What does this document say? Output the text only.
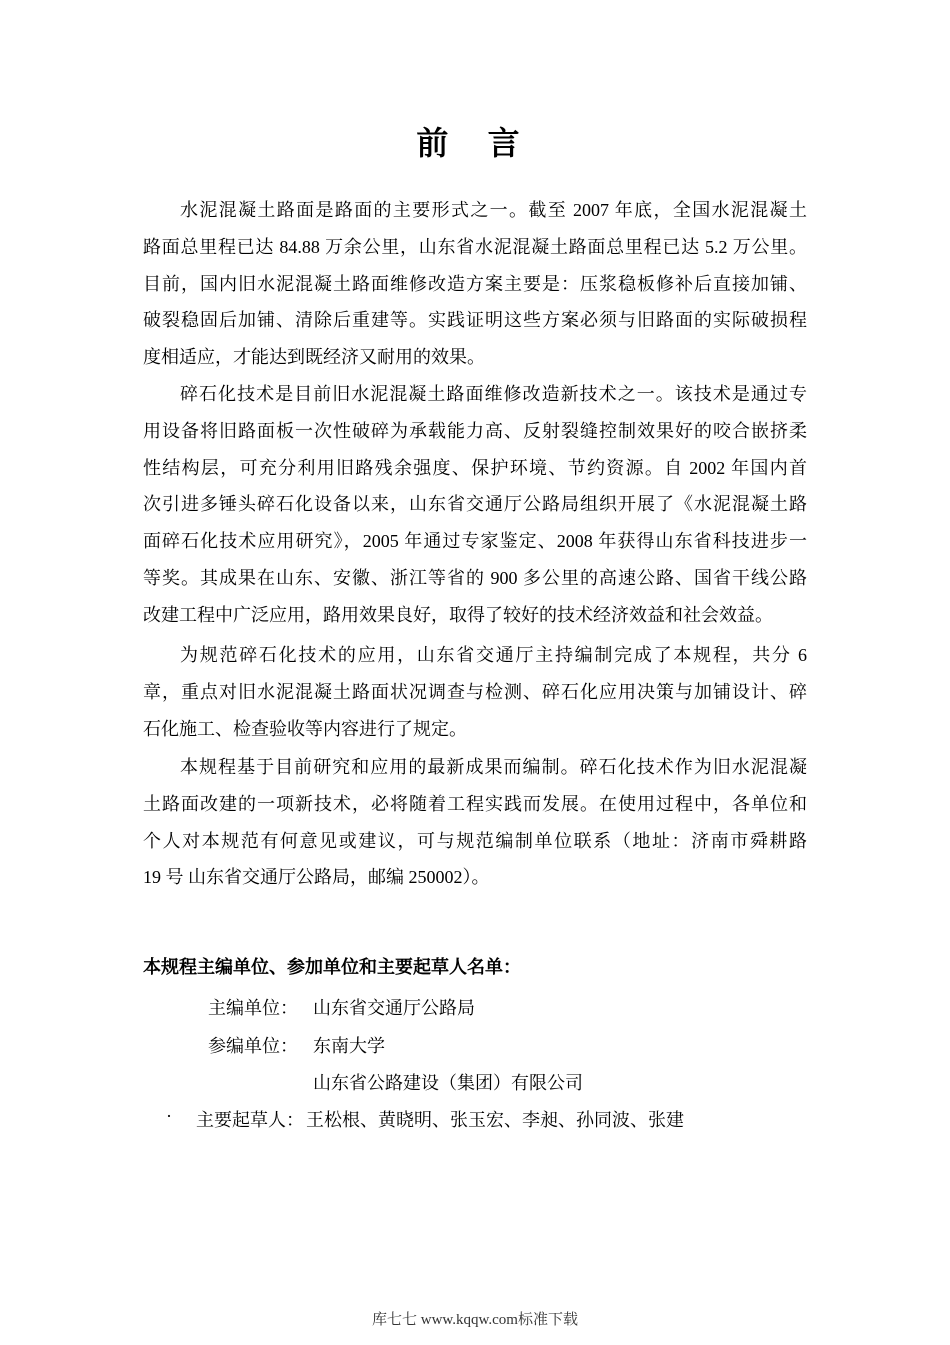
前 言
水泥混凝土路面是路面的主要形式之一。截至 2007 年底，全国水泥混凝土
路面总里程已达 84.88 万余公里，山东省水泥混凝土路面总里程已达 5.2 万公里。
目前，国内旧水泥混凝土路面维修改造方案主要是：压浆稳板修补后直接加铺、
破裂稳固后加铺、清除后重建等。实践证明这些方案必须与旧路面的实际破损程
度相适应，才能达到既经济又耐用的效果。
碎石化技术是目前旧水泥混凝土路面维修改造新技术之一。该技术是通过专
用设备将旧路面板一次性破碎为承载能力高、反射裂缝控制效果好的咬合嵌挤柔
性结构层，可充分利用旧路残余强度、保护环境、节约资源。自 2002 年国内首
次引进多锤头碎石化设备以来，山东省交通厅公路局组织开展了《水泥混凝土路
面碎石化技术应用研究》，2005 年通过专家鉴定、2008 年获得山东省科技进步一
等奖。其成果在山东、安徽、浙江等省的 900 多公里的高速公路、国省干线公路
改建工程中广泛应用，路用效果良好，取得了较好的技术经济效益和社会效益。
为规范碎石化技术的应用，山东省交通厅主持编制完成了本规程，共分 6
章，重点对旧水泥混凝土路面状况调查与检测、碎石化应用决策与加铺设计、碎
石化施工、检查验收等内容进行了规定。
本规程基于目前研究和应用的最新成果而编制。碎石化技术作为旧水泥混凝
土路面改建的一项新技术，必将随着工程实践而发展。在使用过程中，各单位和
个人对本规范有何意见或建议，可与规范编制单位联系（地址：济南市舜耕路
19 号 山东省交通厅公路局，邮编 250002）。
本规程主编单位、参加单位和主要起草人名单：
主编单位： 山东省交通厅公路局
参编单位： 东南大学
山东省公路建设（集团）有限公司
· 主要起草人： 王松根、黄晓明、张玉宏、李昶、孙同波、张建
库七七 www.kqqw.com标准下载
